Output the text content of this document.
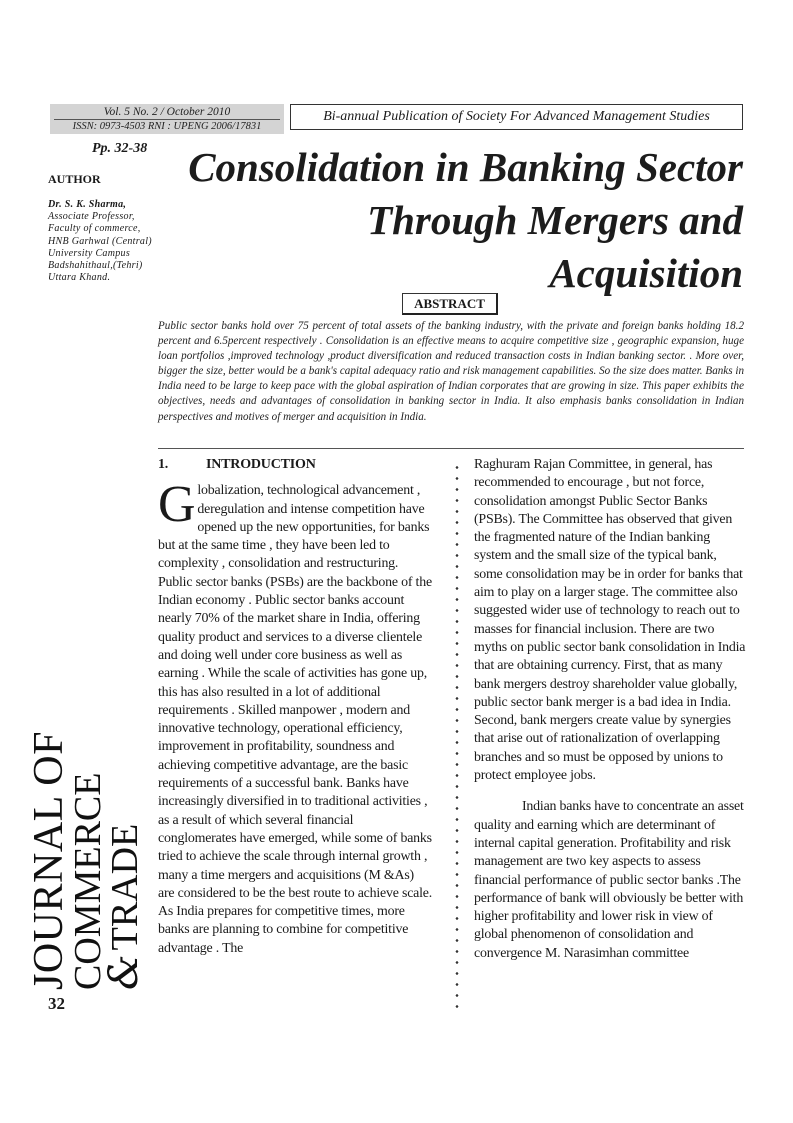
Vol. 5 No. 2 / October 2010
ISSN: 0973-4503 RNI : UPENG 2006/17831
Bi-annual Publication of Society For Advanced Management Studies
Pp. 32-38
AUTHOR
Dr. S. K. Sharma,
Associate Professor,
Faculty of commerce,
HNB Garhwal (Central)
University Campus
Badshahithaul,(Tehri)
Uttara Khand.
Consolidation in Banking Sector Through Mergers and Acquisition
ABSTRACT
Public sector banks hold over 75 percent of total assets of the banking industry, with the private and foreign banks holding 18.2 percent and 6.5percent respectively . Consolidation is an effective means to acquire competitive size , geographic expansion, huge loan portfolios ,improved technology ,product diversification and reduced transaction costs in Indian banking sector. . More over, bigger the size, better would be a bank's capital adequacy ratio and risk management capabilities. So the size does matter. Banks in India need to be large to keep pace with the global aspiration of Indian corporates that are growing in size. This paper exhibits the objectives, needs and advantages of consolidation in banking sector in India. It also emphasis banks consolidation in Indian perspectives and motives of merger and acquisition in India.
JOURNAL OF
COMMERCE
&TRADE
32
1.	INTRODUCTION

Globalization, technological advancement , deregulation and intense competition have opened up the new opportunities, for banks but at the same time , they have been led to complexity , consolidation and restructuring. Public sector banks (PSBs) are the backbone of the Indian economy . Public sector banks account nearly 70% of the market share in India, offering quality product and services to a diverse clientele and doing well under core business as well as earning . While the scale of activities has gone up, this has also resulted in a lot of additional requirements . Skilled manpower , modern and innovative technology, operational efficiency, improvement in profitability, soundness and achieving competitive advantage, are the basic requirements of a successful bank. Banks have increasingly diversified in to traditional activities , as a result of which several financial conglomerates have emerged, while some of banks tried to achieve the scale through internal growth , many a time mergers and acquisitions (M &As) are considered to be the best route to achieve scale. As India prepares for competitive times, more banks are planning to combine for competitive advantage . The

Raghuram Rajan Committee, in general, has recommended to encourage , but not force, consolidation amongst Public Sector Banks (PSBs). The Committee has observed that given the fragmented nature of the Indian banking system and the small size of the typical bank, some consolidation may be in order for banks that aim to play on a larger stage. The committee also suggested wider use of technology to reach out to masses for financial inclusion. There are two myths on public sector bank consolidation in India that are obtaining currency. First, that as many bank mergers destroy shareholder value globally, public sector bank merger is a bad idea in India. Second, bank mergers create value by synergies that arise out of rationalization of overlapping branches and so must be opposed by unions to protect employee jobs.

Indian banks have to concentrate an asset quality and earning which are determinant of internal capital generation. Profitability and risk management are two key aspects to assess financial performance of public sector banks .The performance of bank will obviously be better with higher profitability and lower risk in view of global phenomenon of consolidation and convergence M. Narasimhan committee
